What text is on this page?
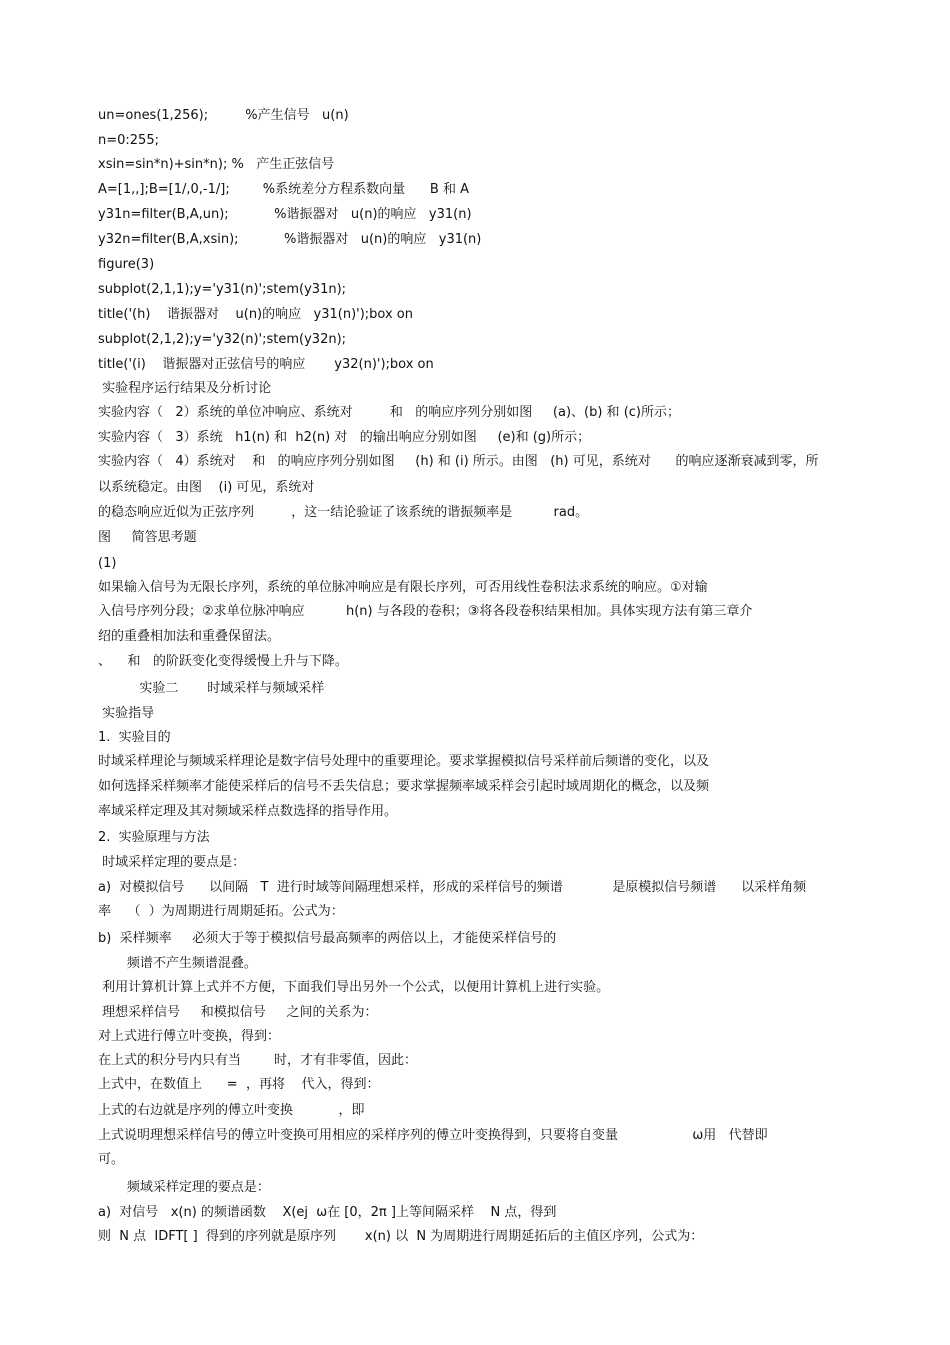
un=ones(1,256);         %产生信号   u(n)
n=0:255;
xsin=sin*n)+sin*n); %   产生正弦信号
A=[1,,];B=[1/,0,-1/];        %系统差分方程系数向量      B 和 A
y31n=filter(B,A,un);           %谐振器对   u(n)的响应   y31(n)
y32n=filter(B,A,xsin);           %谐振器对   u(n)的响应   y31(n)
figure(3)
subplot(2,1,1);y='y31(n)';stem(y31n);
title('(h)    谐振器对    u(n)的响应   y31(n)');box on
subplot(2,1,2);y='y32(n)';stem(y32n);
title('(i)    谐振器对正弦信号的响应       y32(n)');box on
实验程序运行结果及分析讨论
实验内容（   2）系统的单位冲响应、系统对         和   的响应序列分别如图     (a)、(b) 和 (c)所示；
实验内容（   3）系统   h1(n) 和  h2(n) 对   的输出响应分别如图     (e)和 (g)所示；
实验内容（   4）系统对    和   的响应序列分别如图     (h) 和 (i) 所示。由图   (h) 可见，系统对      的响应逐渐衰减到零，所
以系统稳定。由图    (i) 可见，系统对
的稳态响应近似为正弦序列         ，这一结论验证了该系统的谐振频率是          rad。
图     简答思考题
(1)
如果输入信号为无限长序列，系统的单位脉冲响应是有限长序列，可否用线性卷积法求系统的响应。①对输
入信号序列分段；②求单位脉冲响应          h(n) 与各段的卷积；③将各段卷积结果相加。具体实现方法有第三章介
绍的重叠相加法和重叠保留法。
、    和   的阶跃变化变得缓慢上升与下降。
实验二       时域采样与频域采样
实验指导
1.  实验目的
时域采样理论与频域采样理论是数字信号处理中的重要理论。要求掌握模拟信号采样前后频谱的变化，以及
如何选择采样频率才能使采样后的信号不丢失信息；要求掌握频率域采样会引起时域周期化的概念，以及频
率域采样定理及其对频域采样点数选择的指导作用。
2.  实验原理与方法
时域采样定理的要点是：
a)  对模拟信号      以间隔   T  进行时域等间隔理想采样，形成的采样信号的频谱            是原模拟信号频谱      以采样角频
率    （  ）为周期进行周期延拓。公式为：
b)  采样频率     必须大于等于模拟信号最高频率的两倍以上，才能使采样信号的
频谱不产生频谱混叠。
利用计算机计算上式并不方便，下面我们导出另外一个公式，以便用计算机上进行实验。
理想采样信号     和模拟信号     之间的关系为：
对上式进行傅立叶变换，得到：
在上式的积分号内只有当        时，才有非零值，因此：
上式中，在数值上      =  ，再将    代入，得到：
上式的右边就是序列的傅立叶变换           ，即
上式说明理想采样信号的傅立叶变换可用相应的采样序列的傅立叶变换得到，只要将自变量                  ω用   代替即
可。
频域采样定理的要点是：
a)  对信号   x(n) 的频谱函数    X(ej  ω在 [0，2π ]上等间隔采样    N 点，得到
则  N 点  IDFT[ ]  得到的序列就是原序列       x(n) 以  N 为周期进行周期延拓后的主值区序列，公式为：
